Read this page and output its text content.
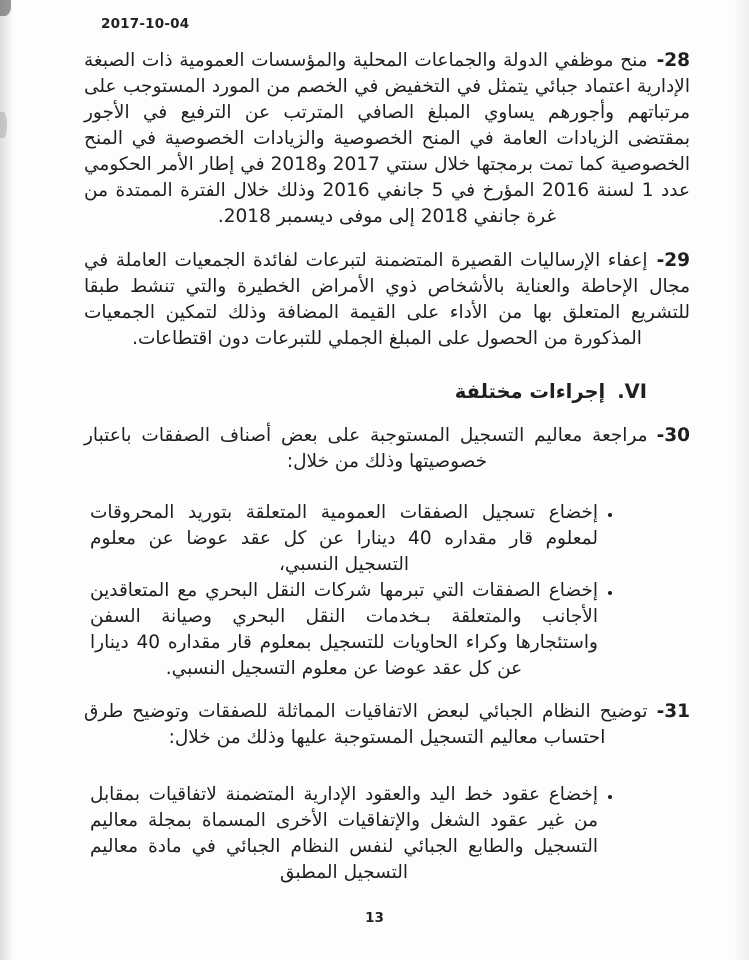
2017-10-04

28-منح موظفي الدولة والجماعات المحلية والمؤسسات العمومية ذات الصبغة الإدارية اعتماد جبائي يتمثل في التخفيض في الخصم من المورد المستوجب على مرتباتهم وأجورهم يساوي المبلغ الصافي المترتب عن الترفيع في الأجور بمقتضى الزيادات العامة في المنح الخصوصية والزيادات الخصوصية في المنح الخصوصية كما تمت برمجتها خلال سنتي 2017 و2018 في إطار الأمر الحكومي عدد 1 لسنة 2016 المؤرخ في 5 جانفي 2016 وذلك خلال الفترة الممتدة من غرة جانفي 2018 إلى موفى ديسمبر 2018.

29-إعفاء الإرساليات القصيرة المتضمنة لتبرعات لفائدة الجمعيات العاملة في مجال الإحاطة والعناية بالأشخاص ذوي الأمراض الخطيرة والتي تنشط طبقا للتشريع المتعلق بها من الأداء على القيمة المضافة وذلك لتمكين الجمعيات المذكورة من الحصول على المبلغ الجملي للتبرعات دون اقتطاعات.

VI.إجراءات مختلفة

30-مراجعة معاليم التسجيل المستوجبة على بعض أصناف الصفقات باعتبار خصوصيتها وذلك من خلال:

• إخضاع تسجيل الصفقات العمومية المتعلقة بتوريد المحروقات لمعلوم قار مقداره 40 دينارا عن كل عقد عوضا عن معلوم التسجيل النسبي،
• إخضاع الصفقات التي تبرمها شركات النقل البحري مع المتعاقدين الأجانب والمتعلقة بـخدمات النقل البحري وصيانة السفن واستئجارها وكراء الحاويات للتسجيل بمعلوم قار مقداره 40 دينارا عن كل عقد عوضا عن معلوم التسجيل النسبي.

31-توضيح النظام الجبائي لبعض الاتفاقيات المماثلة للصفقات وتوضيح طرق احتساب معاليم التسجيل المستوجبة عليها وذلك من خلال:

• إخضاع عقود خط اليد والعقود الإدارية المتضمنة لاتفاقيات بمقابل من غير عقود الشغل والإتفاقيات الأخرى المسماة بمجلة معاليم التسجيل والطابع الجبائي لنفس النظام الجبائي في مادة معاليم التسجيل المطبق
13
